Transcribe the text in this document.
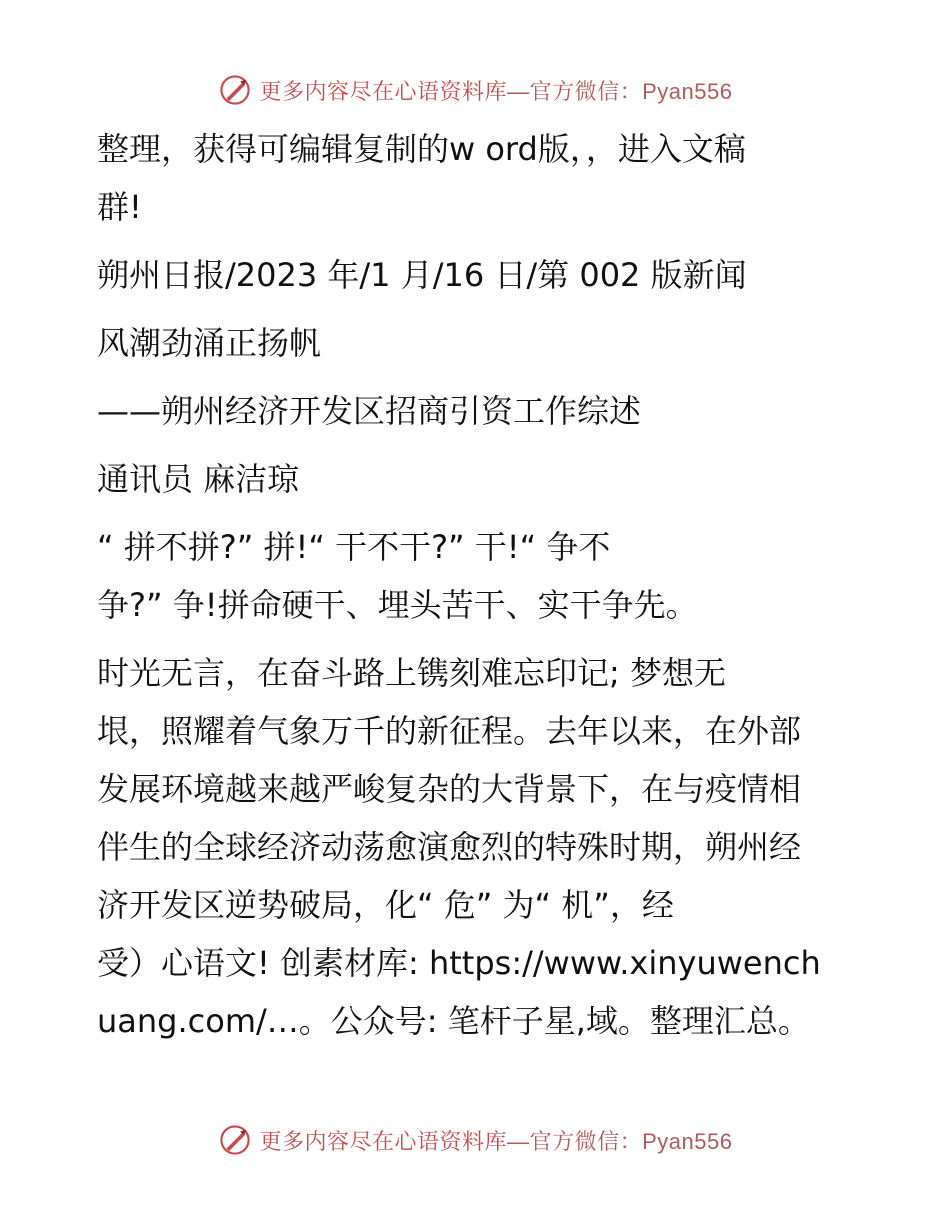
更多内容尽在心语资料库—官方微信：Pyan556

整理，获得可编辑复制的w ord版，，进入文稿

群!

朔州日报/2023 年/1 月/16 日/第 002 版新闻

风潮劲涌正扬帆

——朔州经济开发区招商引资工作综述

通讯员 麻洁琼

“ 拼不拼?” 拼!“ 干不干?” 干!“ 争不

争?” 争!拼命硬干、埋头苦干、实干争先。

时光无言，在奋斗路上镌刻难忘印记; 梦想无

垠，照耀着气象万千的新征程。去年以来，在外部

发展环境越来越严峻复杂的大背景下，在与疫情相

伴生的全球经济动荡愈演愈烈的特殊时期，朔州经

济开发区逆势破局，化“ 危” 为“ 机”，经

受）心语文! 创素材库: https://www.xinyuwench

uang.com/…。公众号: 笔杆子星,域。整理汇总。

更多内容尽在心语资料库—官方微信：Pyan556
